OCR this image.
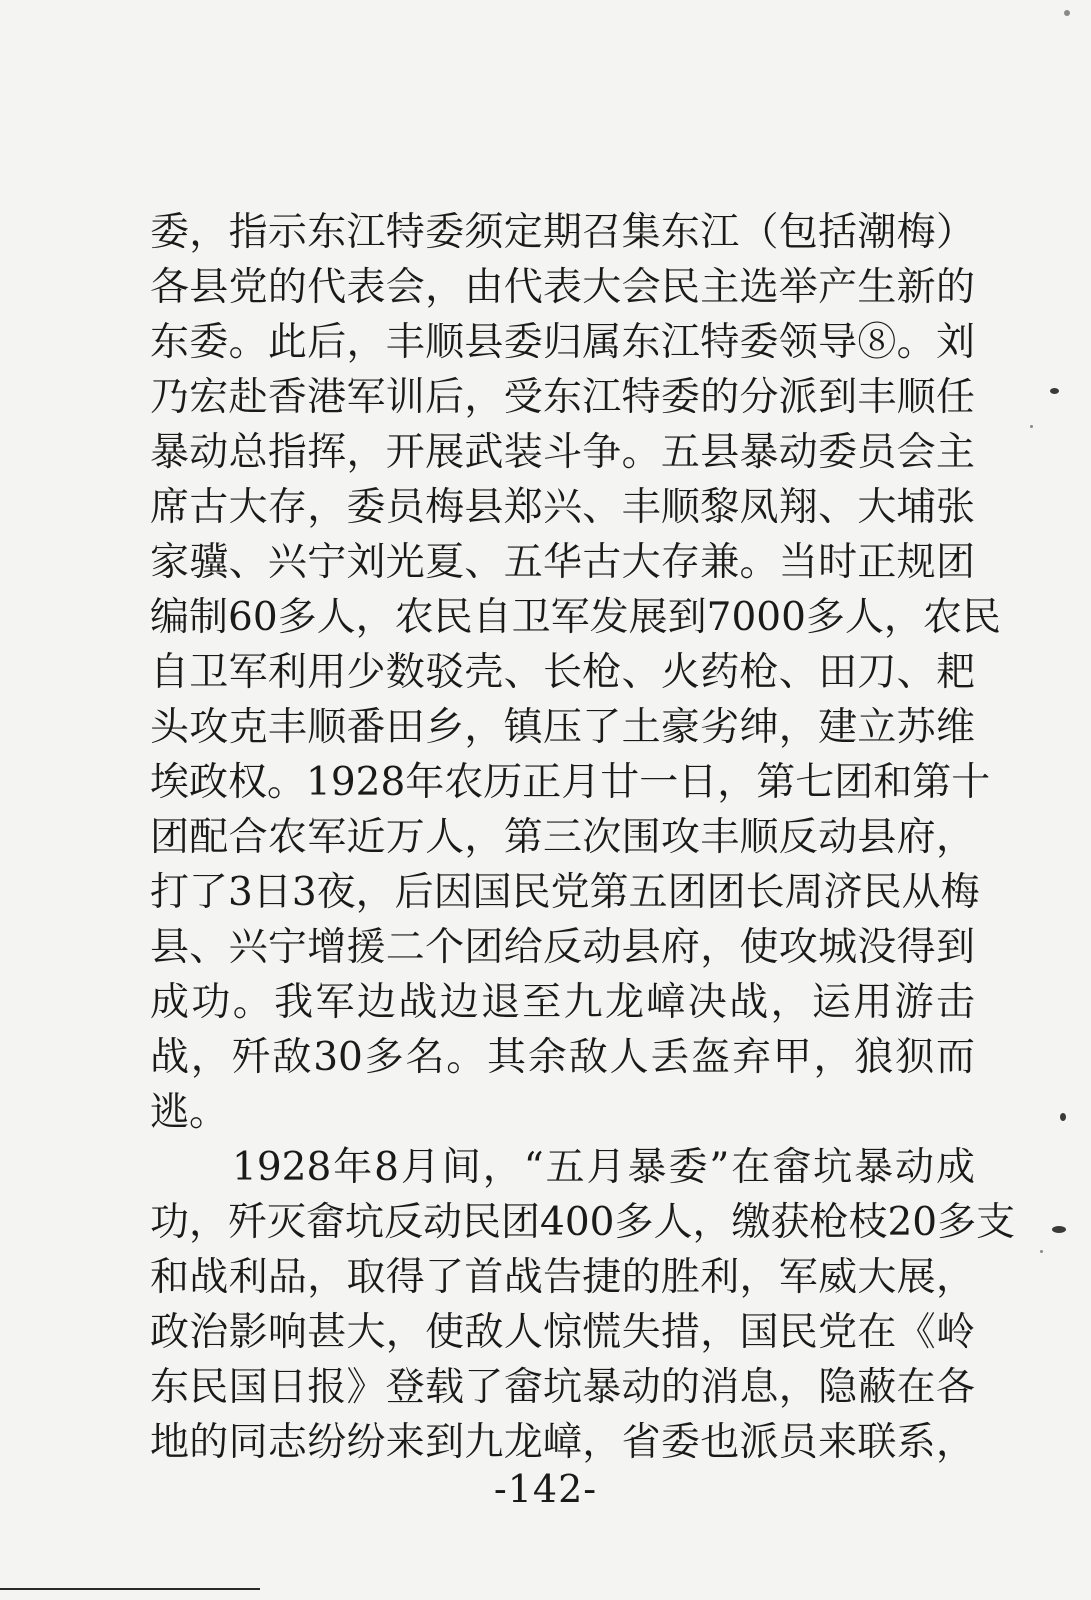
委，指示东江特委须定期召集东江（包括潮梅）
各县党的代表会，由代表大会民主选举产生新的
东委。此后，丰顺县委归属东江特委领导⑧。刘
乃宏赴香港军训后，受东江特委的分派到丰顺任
暴动总指挥，开展武装斗争。五县暴动委员会主
席古大存，委员梅县郑兴、丰顺黎凤翔、大埔张
家骥、兴宁刘光夏、五华古大存兼。当时正规团
编制60多人，农民自卫军发展到7000多人，农民
自卫军利用少数驳壳、长枪、火药枪、田刀、耙
头攻克丰顺番田乡，镇压了土豪劣绅，建立苏维
埃政权。1928年农历正月廿一日，第七团和第十
团配合农军近万人，第三次围攻丰顺反动县府，
打了3日3夜，后因国民党第五团团长周济民从梅
县、兴宁增援二个团给反动县府，使攻城没得到
成功。我军边战边退至九龙嶂决战，运用游击
战，歼敌30多名。其余敌人丢盔弃甲，狼狈而
逃。
1928年8月间，“五月暴委”在畲坑暴动成
功，歼灭畲坑反动民团400多人，缴获枪枝20多支
和战利品，取得了首战告捷的胜利，军威大展，
政治影响甚大，使敌人惊慌失措，国民党在《岭
东民国日报》登载了畲坑暴动的消息，隐蔽在各
地的同志纷纷来到九龙嶂，省委也派员来联系，
-142-
